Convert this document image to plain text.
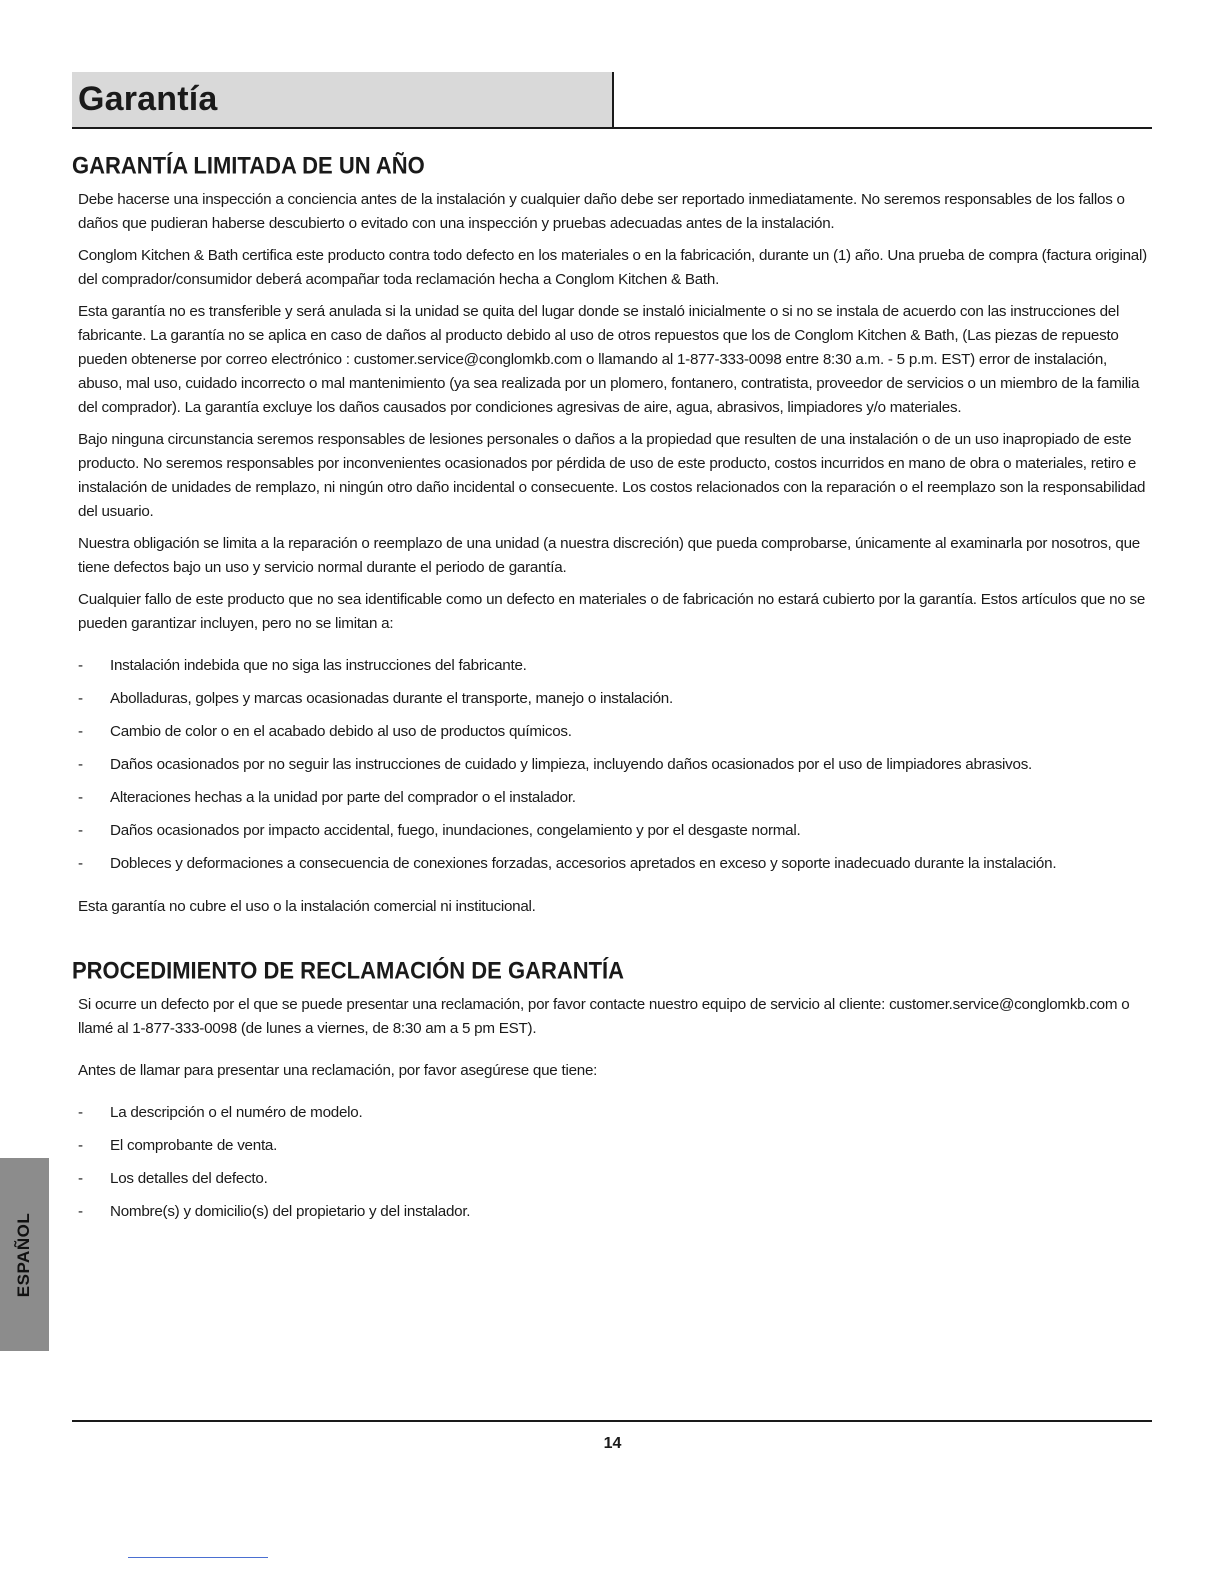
Garantía
GARANTÍA LIMITADA DE UN AÑO

Debe hacerse una inspección a conciencia antes de la instalación y cualquier daño debe ser reportado inmediatamente. No seremos responsables de los fallos o daños que pudieran haberse descubierto o evitado con una inspección y pruebas adecuadas antes de la instalación.

Conglom Kitchen & Bath certifica este producto contra todo defecto en los materiales o en la fabricación, durante un (1) año. Una prueba de compra (factura original) del comprador/consumidor deberá acompañar toda reclamación hecha a Conglom Kitchen & Bath.

Esta garantía no es transferible y será anulada si la unidad se quita del lugar donde se instaló inicialmente o si no se instala de acuerdo con las instrucciones del fabricante. La garantía no se aplica en caso de daños al producto debido al uso de otros repuestos que los de Conglom Kitchen & Bath, (Las piezas de repuesto pueden obtenerse por correo electrónico : customer.service@conglomkb.com o llamando al 1-877-333-0098 entre 8:30 a.m. - 5 p.m. EST) error de instalación, abuso, mal uso, cuidado incorrecto o mal mantenimiento (ya sea realizada por un plomero, fontanero, contratista, proveedor de servicios o un miembro de la familia del comprador). La garantía excluye los daños causados por condiciones agresivas de aire, agua, abrasivos, limpiadores y/o materiales.

Bajo ninguna circunstancia seremos responsables de lesiones personales o daños a la propiedad que resulten de una instalación o de un uso inapropiado de este producto. No seremos responsables por inconvenientes ocasionados por pérdida de uso de este producto, costos incurridos en mano de obra o materiales, retiro e instalación de unidades de remplazo, ni ningún otro daño incidental o consecuente. Los costos relacionados con la reparación o el reemplazo son la responsabilidad del usuario.

Nuestra obligación se limita a la reparación o reemplazo de una unidad (a nuestra discreción) que pueda comprobarse, únicamente al examinarla por nosotros, que tiene defectos bajo un uso y servicio normal durante el periodo de garantía.

Cualquier fallo de este producto que no sea identificable como un defecto en materiales o de fabricación no estará cubierto por la garantía. Estos artículos que no se pueden garantizar incluyen, pero no se limitan a:

- Instalación indebida que no siga las instrucciones del fabricante.
- Abolladuras, golpes y marcas ocasionadas durante el transporte, manejo o instalación.
- Cambio de color o en el acabado debido al uso de productos químicos.
- Daños ocasionados por no seguir las instrucciones de cuidado y limpieza, incluyendo daños ocasionados por el uso de limpiadores abrasivos.
- Alteraciones hechas a la unidad por parte del comprador o el instalador.
- Daños ocasionados por impacto accidental, fuego, inundaciones, congelamiento y por el desgaste normal.
- Dobleces y deformaciones a consecuencia de conexiones forzadas, accesorios apretados en exceso y soporte inadecuado durante la instalación.

Esta garantía no cubre el uso o la instalación comercial ni institucional.

PROCEDIMIENTO DE RECLAMACIÓN DE GARANTÍA

Si ocurre un defecto por el que se puede presentar una reclamación, por favor contacte nuestro equipo de servicio al cliente: customer.service@conglomkb.com o llamé al 1-877-333-0098 (de lunes a viernes, de 8:30 am a 5 pm EST).

Antes de llamar para presentar una reclamación, por favor asegúrese que tiene:

- La descripción o el numéro de modelo.
- El comprobante de venta.
- Los detalles del defecto.
- Nombre(s) y domicilio(s) del propietario y del instalador.
ESPAÑOL
14
